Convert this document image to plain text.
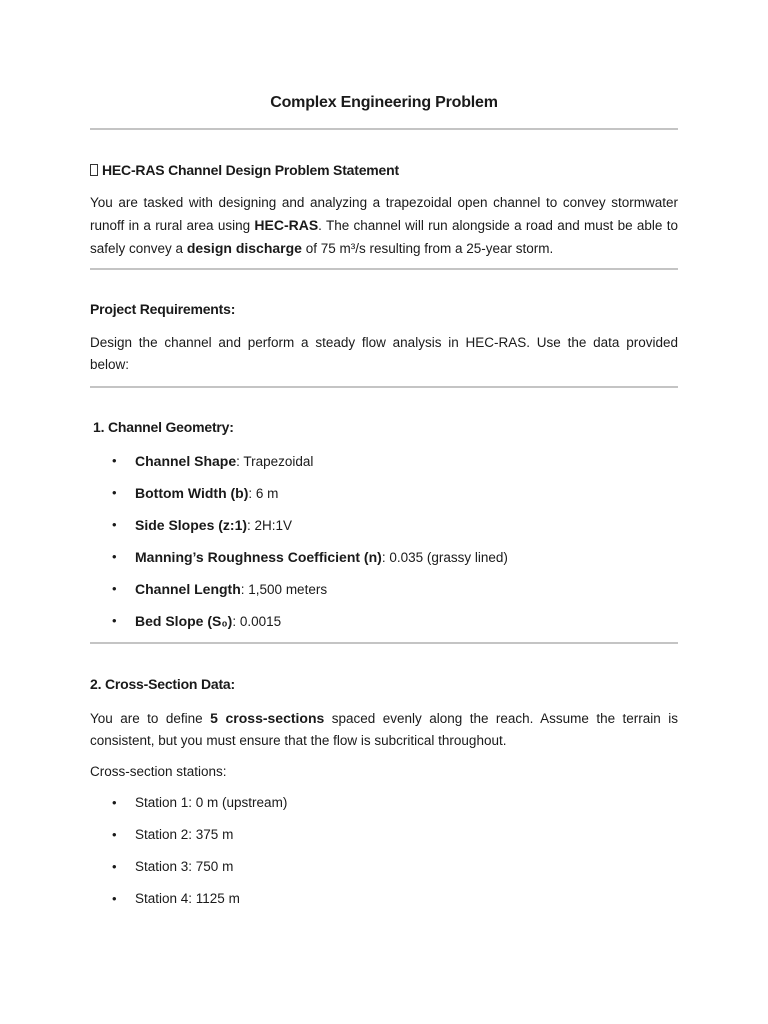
Complex Engineering Problem
HEC-RAS Channel Design Problem Statement
You are tasked with designing and analyzing a trapezoidal open channel to convey stormwater runoff in a rural area using HEC-RAS. The channel will run alongside a road and must be able to safely convey a design discharge of 75 m³/s resulting from a 25-year storm.
Project Requirements:
Design the channel and perform a steady flow analysis in HEC-RAS. Use the data provided below:
1. Channel Geometry:
• Channel Shape: Trapezoidal
• Bottom Width (b): 6 m
• Side Slopes (z:1): 2H:1V
• Manning’s Roughness Coefficient (n): 0.035 (grassy lined)
• Channel Length: 1,500 meters
• Bed Slope (S₀): 0.0015
2. Cross-Section Data:
You are to define 5 cross-sections spaced evenly along the reach. Assume the terrain is consistent, but you must ensure that the flow is subcritical throughout.
Cross-section stations:
• Station 1: 0 m (upstream)
• Station 2: 375 m
• Station 3: 750 m
• Station 4: 1125 m
